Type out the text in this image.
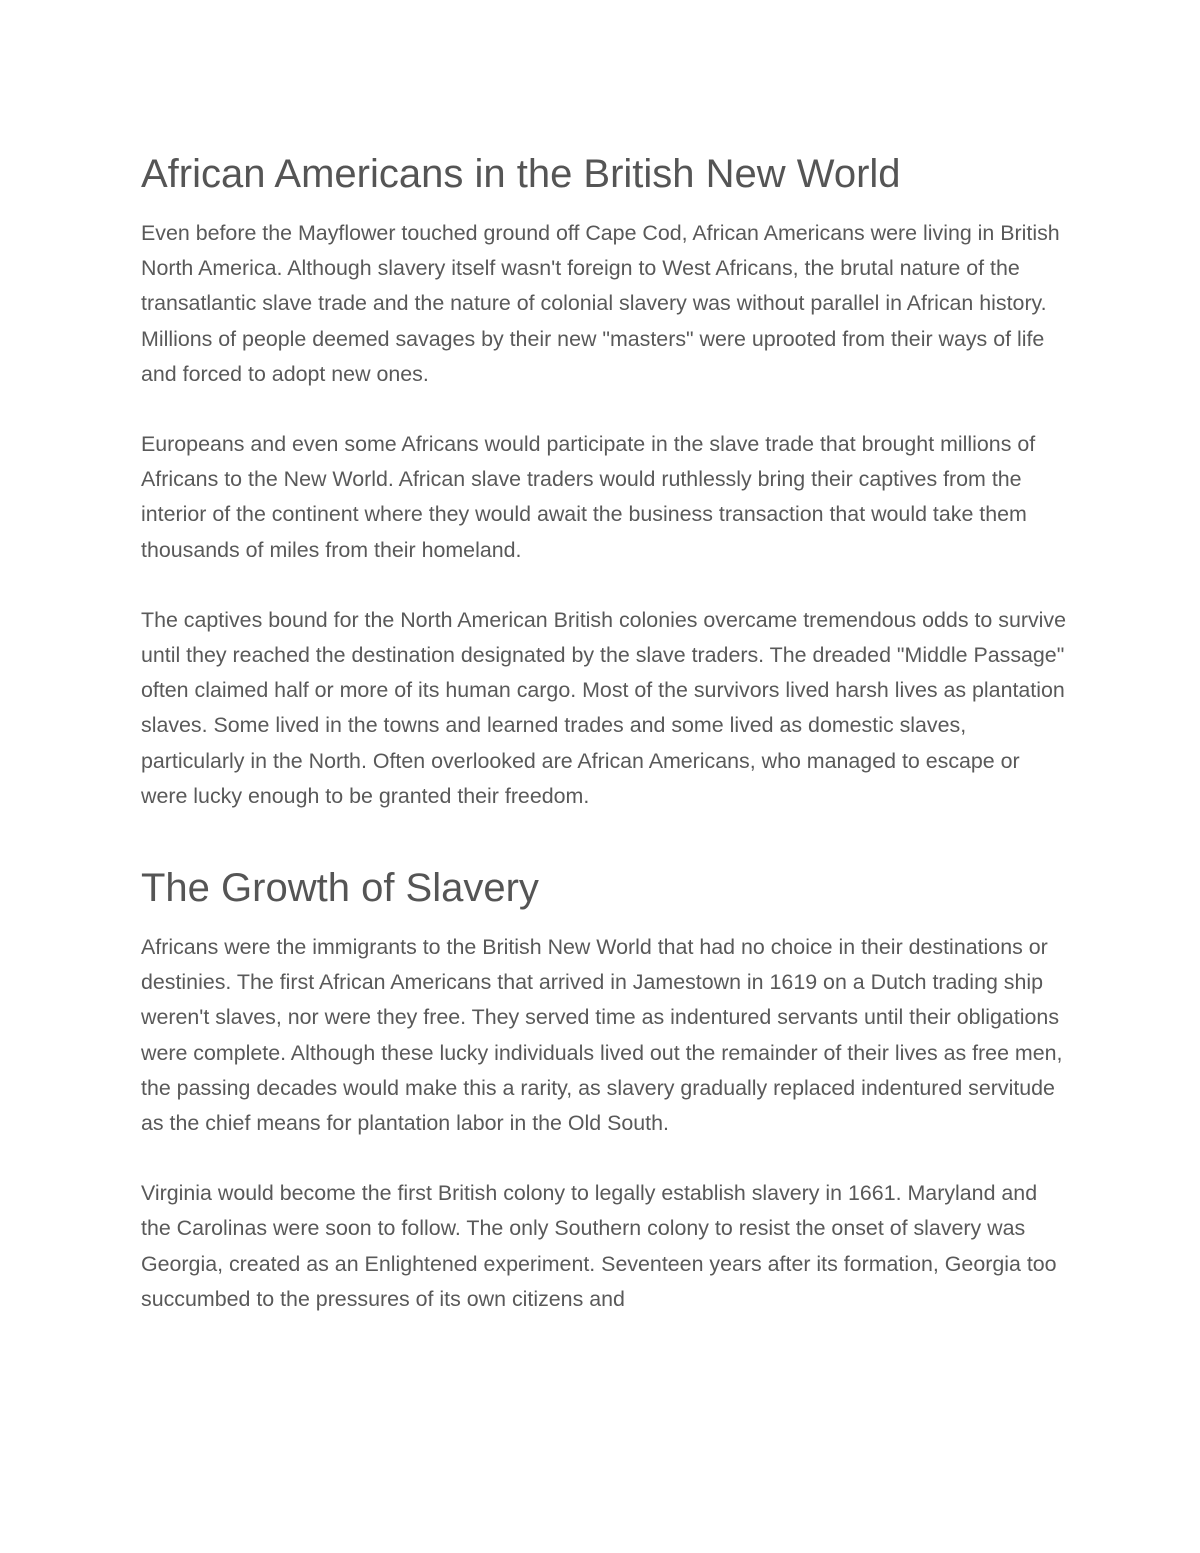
African Americans in the British New World

Even before the Mayflower touched ground off Cape Cod, African Americans were living in British North America. Although slavery itself wasn't foreign to West Africans, the brutal nature of the transatlantic slave trade and the nature of colonial slavery was without parallel in African history. Millions of people deemed savages by their new "masters" were uprooted from their ways of life and forced to adopt new ones.

Europeans and even some Africans would participate in the slave trade that brought millions of Africans to the New World. African slave traders would ruthlessly bring their captives from the interior of the continent where they would await the business transaction that would take them thousands of miles from their homeland.

The captives bound for the North American British colonies overcame tremendous odds to survive until they reached the destination designated by the slave traders. The dreaded "Middle Passage" often claimed half or more of its human cargo. Most of the survivors lived harsh lives as plantation slaves. Some lived in the towns and learned trades and some lived as domestic slaves, particularly in the North. Often overlooked are African Americans, who managed to escape or were lucky enough to be granted their freedom.

The Growth of Slavery

Africans were the immigrants to the British New World that had no choice in their destinations or destinies. The first African Americans that arrived in Jamestown in 1619 on a Dutch trading ship weren't slaves, nor were they free. They served time as indentured servants until their obligations were complete. Although these lucky individuals lived out the remainder of their lives as free men, the passing decades would make this a rarity, as slavery gradually replaced indentured servitude as the chief means for plantation labor in the Old South.

Virginia would become the first British colony to legally establish slavery in 1661. Maryland and the Carolinas were soon to follow. The only Southern colony to resist the onset of slavery was Georgia, created as an Enlightened experiment. Seventeen years after its formation, Georgia too succumbed to the pressures of its own citizens and
